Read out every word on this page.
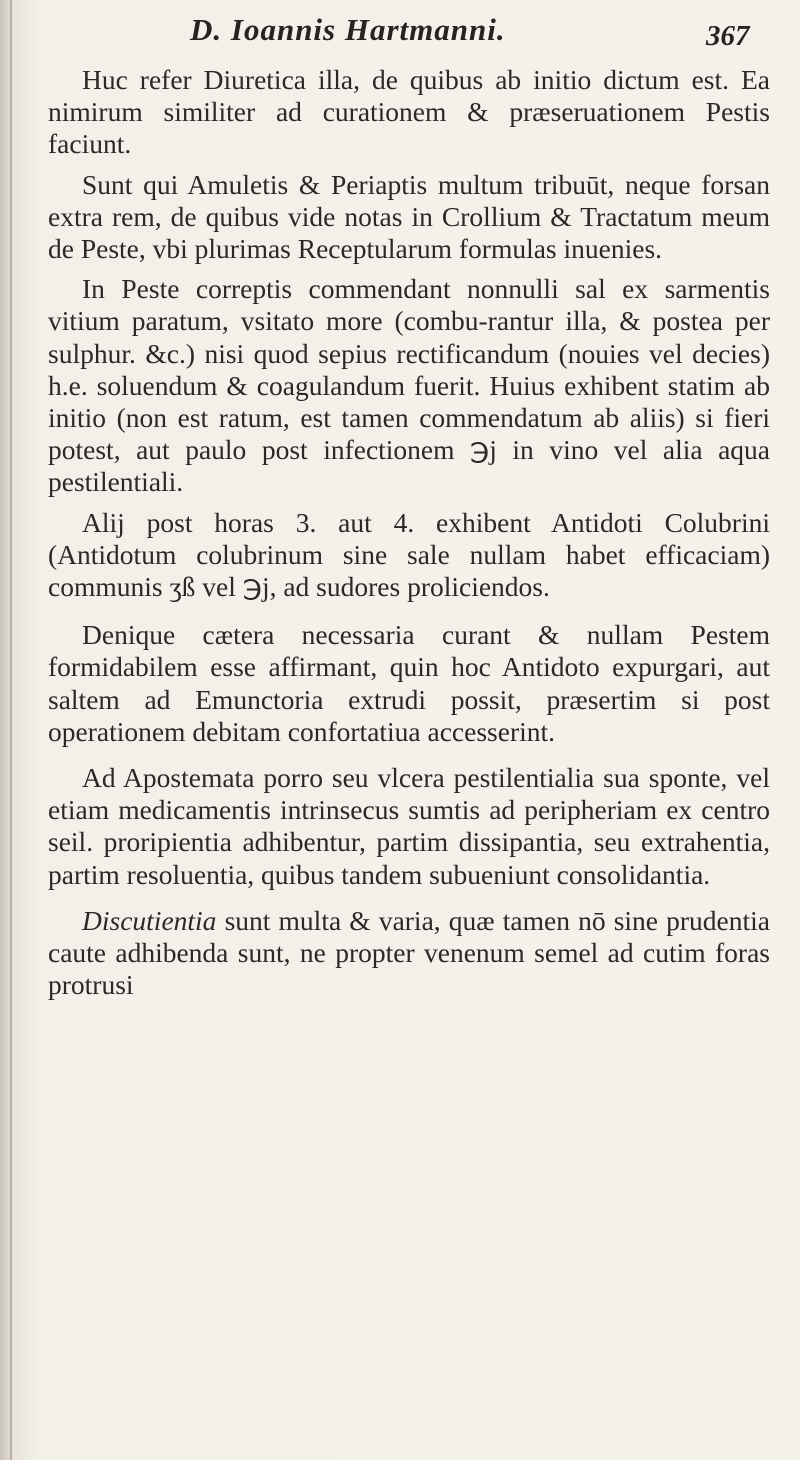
D. Ioannis Hartmanni.	367

Huc refer Diuretica illa, de quibus ab initio dictum est. Ea nimirum similiter ad curationem & præseruationem Pestis faciunt.

Sunt qui Amuletis & Periaptis multum tribuūt, neque forsan extra rem, de quibus vide notas in Crollium & Tractatum meum de Peste, vbi plurimas Receptularum formulas inuenies.

In Peste correptis commendant nonnulli sal ex sarmentis vitium paratum, vsitato more (combu-rantur illa, & postea per sulphur. &c.) nisi quod sepius rectificandum (nouies vel decies) h.e. soluendum & coagulandum fuerit. Huius exhibent statim ab initio (non est ratum, est tamen commendatum ab aliis) si fieri potest, aut paulo post infectionem ℈j in vino vel alia aqua pestilentiali.

Alij post horas 3. aut 4. exhibent Antidoti Colubrini (Antidotum colubrinum sine sale nullam habet efficaciam) communis ʒß vel ℈j, ad sudores proliciendos.

Denique cætera necessaria curant & nullam Pestem formidabilem esse affirmant, quin hoc Antidoto expurgari, aut saltem ad Emunctoria extrudi possit, præsertim si post operationem debitam confortatiua accesserint.

Ad Apostemata porro seu vlcera pestilentialia sua sponte, vel etiam medicamentis intrinsecus sumtis ad peripheriam ex centro seil. proripientia adhibentur, partim dissipantia, seu extrahentia, partim resoluentia, quibus tandem subueniunt consolidantia.

Discutientia sunt multa & varia, quæ tamen nō sine prudentia caute adhibenda sunt, ne propter venenum semel ad cutim foras protrusi
